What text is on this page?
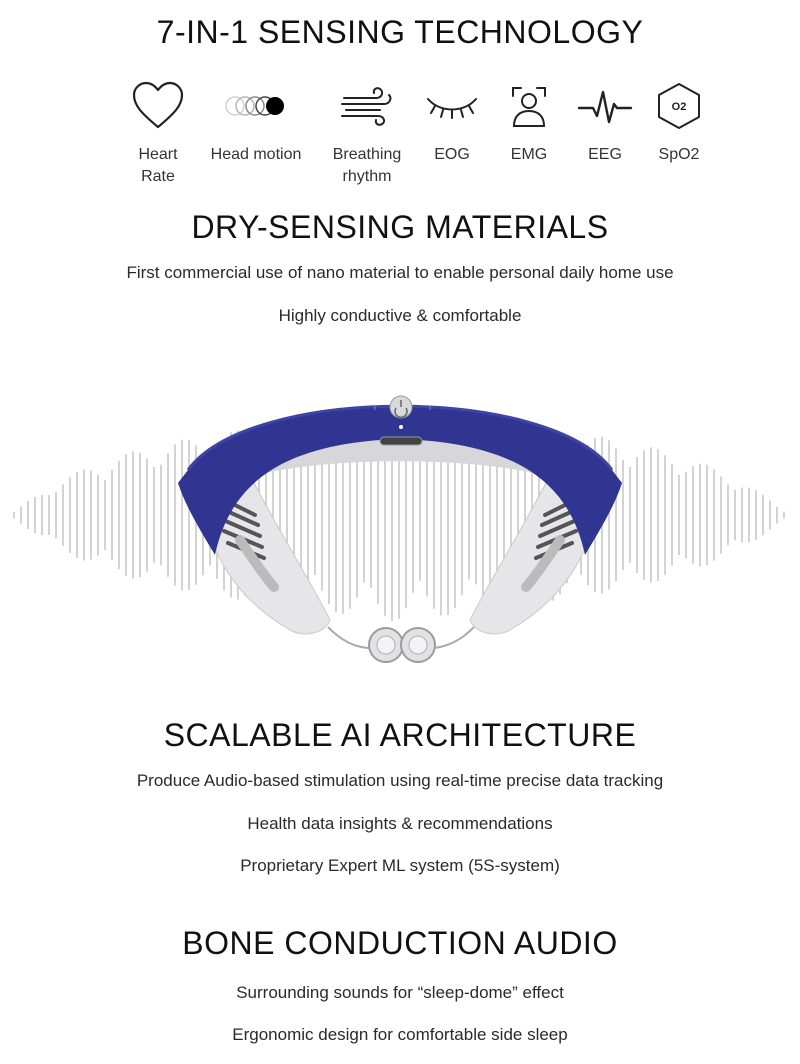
7-IN-1 SENSING TECHNOLOGY
Heart
Rate
Head motion Breathing
rhythm
EOG	EMG	EEG
O2
SpO2
DRY-SENSING MATERIALS
First commercial use of nano material to enable personal daily home use
Highly conductive & comfortable
‹	›
SCALABLE AI ARCHITECTURE
Produce Audio-based stimulation using real-time precise data tracking
Health data insights & recommendations
Proprietary Expert ML system (5S-system)
BONE CONDUCTION AUDIO
Surrounding sounds for “sleep-dome” effect
Ergonomic design for comfortable side sleep
